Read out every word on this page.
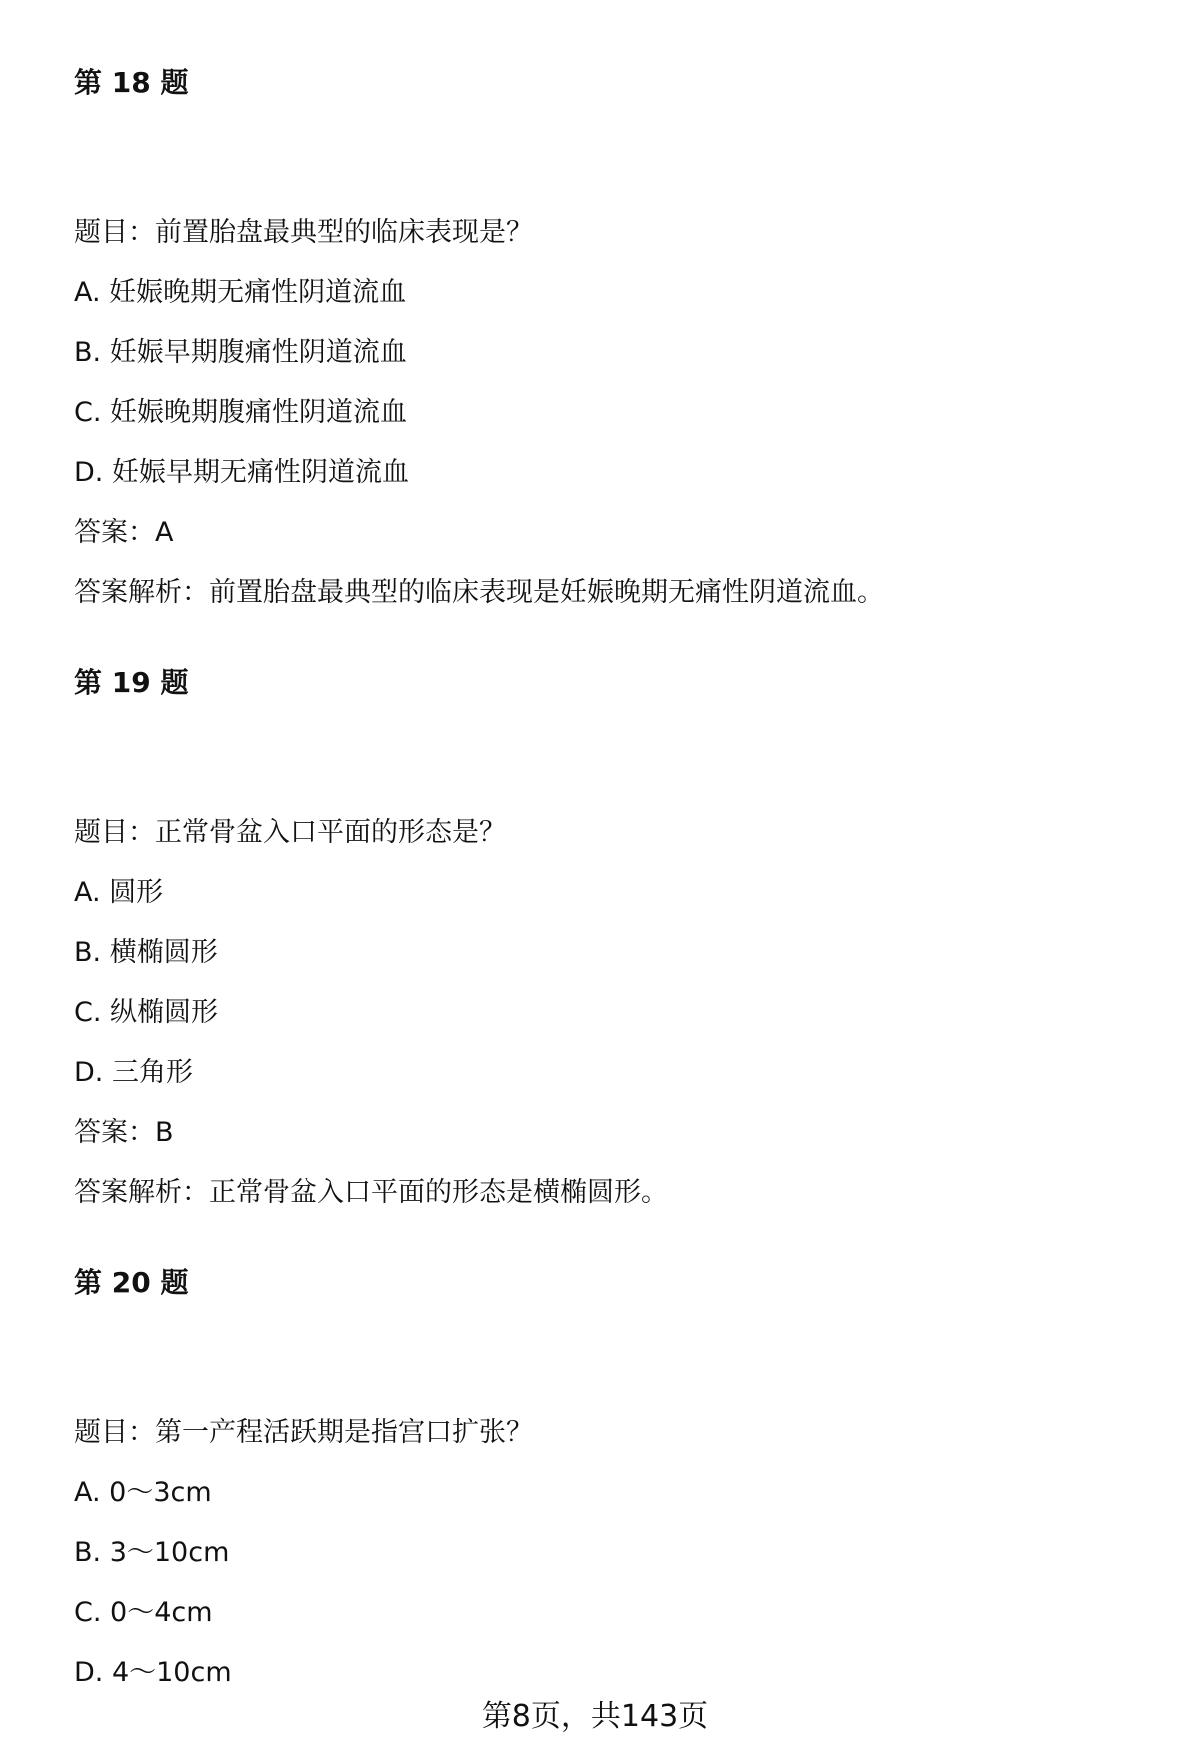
第 18 题
题目：前置胎盘最典型的临床表现是？
A. 妊娠晚期无痛性阴道流血
B. 妊娠早期腹痛性阴道流血
C. 妊娠晚期腹痛性阴道流血
D. 妊娠早期无痛性阴道流血
答案：A
答案解析：前置胎盘最典型的临床表现是妊娠晚期无痛性阴道流血。
第 19 题
题目：正常骨盆入口平面的形态是？
A. 圆形
B. 横椭圆形
C. 纵椭圆形
D. 三角形
答案：B
答案解析：正常骨盆入口平面的形态是横椭圆形。
第 20 题
题目：第一产程活跃期是指宫口扩张？
A. 0～3cm
B. 3～10cm
C. 0～4cm
D. 4～10cm
第8页，共143页
